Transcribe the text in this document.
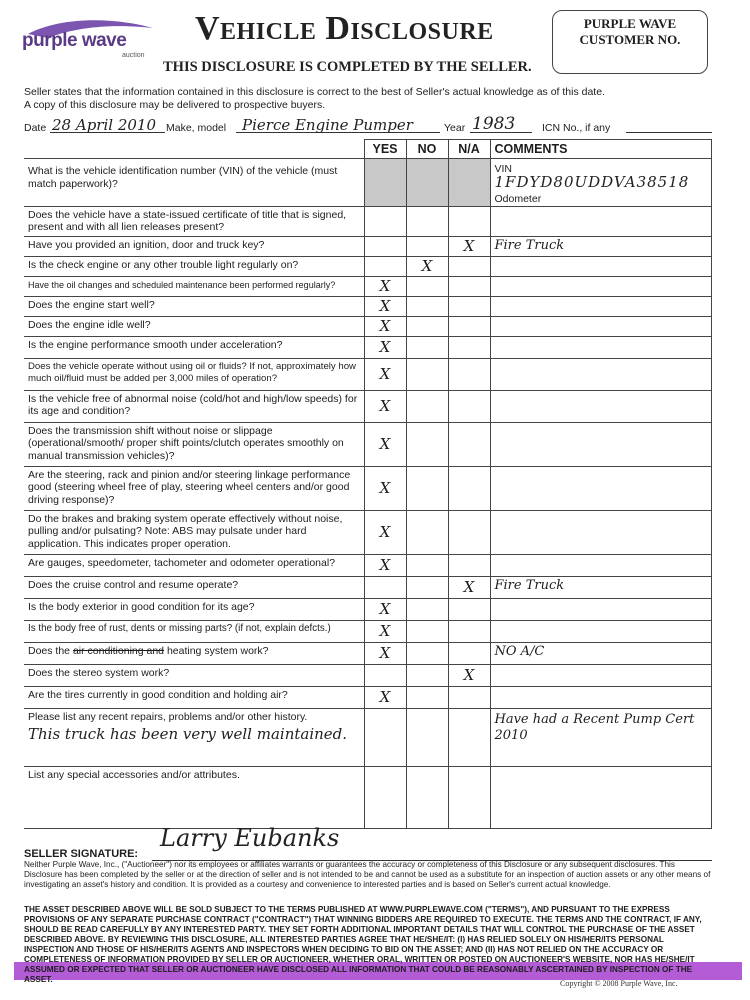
purple wave
auction
Vehicle Disclosure
THIS DISCLOSURE IS COMPLETED BY THE SELLER.
PURPLE WAVE
CUSTOMER NO.
Seller states that the information contained in this disclosure is correct to the best of Seller's actual knowledge as of this date.
A copy of this disclosure may be delivered to prospective buyers.
Date 28 April 2010 Make, model Pierce Engine Pumper	Year 1983	ICN No., if any
	YES	NO	N/A	COMMENTS
What is the vehicle identification number (VIN) of the vehicle (must match paperwork)?				VIN 1FDYD80UDDVA38518
Odometer

Does the vehicle have a state-issued certificate of title that is signed, present and with all lien releases present?				
Have you provided an ignition, door and truck key?			X	Fire Truck
Is the check engine or any other trouble light regularly on?		X		
Have the oil changes and scheduled maintenance been performed regularly?	X			
Does the engine start well?	X			
Does the engine idle well?	X			
Is the engine performance smooth under acceleration?	X			
Does the vehicle operate without using oil or fluids? If not, approximately how much oil/fluid must be added per 3,000 miles of operation?	X			
Is the vehicle free of abnormal noise (cold/hot and high/low speeds) for its age and condition?	X			
Does the transmission shift without noise or slippage (operational/smooth/ proper shift points/clutch operates smoothly on manual transmission vehicles)?	X			
Are the steering, rack and pinion and/or steering linkage performance good (steering wheel free of play, steering wheel centers and/or good driving response)?	X			
Do the brakes and braking system operate effectively without noise, pulling and/or pulsating? Note: ABS may pulsate under hard application. This indicates proper operation.	X			
Are gauges, speedometer, tachometer and odometer operational?	X			
Does the cruise control and resume operate?			X	Fire Truck
Is the body exterior in good condition for its age?	X			
Is the body free of rust, dents or missing parts? (if not, explain defcts.)	X			
Does the air conditioning and heating system work?	X			NO A/C
Does the stereo system work?			X	
Are the tires currently in good condition and holding air?	X			

Please list any recent repairs, problems and/or other history.
This truck has been very well maintained.				Have had a Recent Pump Cert 2010
List any special accessories and/or attributes.				
SELLER SIGNATURE:
Larry Eubanks
Neither Purple Wave, Inc., ("Auctioneer") nor its employees or affiliates warrants or guarantees the accuracy or completeness of this Disclosure or any subsequent disclosures. This Disclosure has been completed by the seller or at the direction of seller and is not intended to be and cannot be used as a substitute for an inspection of auction assets or any other means of investigating an asset's history and condition. It is provided as a courtesy and convenience to interested parties and is based on Seller's current actual knowledge.
THE ASSET DESCRIBED ABOVE WILL BE SOLD SUBJECT TO THE TERMS PUBLISHED AT WWW.PURPLEWAVE.COM ("TERMS"), AND PURSUANT TO THE EXPRESS PROVISIONS OF ANY SEPARATE PURCHASE CONTRACT ("CONTRACT") THAT WINNING BIDDERS ARE REQUIRED TO EXECUTE. THE TERMS AND THE CONTRACT, IF ANY, SHOULD BE READ CAREFULLY BY ANY INTERESTED PARTY. THEY SET FORTH ADDITIONAL IMPORTANT DETAILS THAT WILL CONTROL THE PURCHASE OF THE ASSET DESCRIBED ABOVE. BY REVIEWING THIS DISCLOSURE, ALL INTERESTED PARTIES AGREE THAT HE/SHE/IT: (I) HAS RELIED SOLELY ON HIS/HER/ITS PERSONAL INSPECTION AND THOSE OF HIS/HER/ITS AGENTS AND INSPECTORS WHEN DECIDING TO BID ON THE ASSET; AND (II) HAS NOT RELIED ON THE ACCURACY OR COMPLETENESS OF INFORMATION PROVIDED BY SELLER OR AUCTIONEER, WHETHER ORAL, WRITTEN OR POSTED ON AUCTIONEER'S WEBSITE, NOR HAS HE/SHE/IT ASSUMED OR EXPECTED THAT SELLER OR AUCTIONEER HAVE DISCLOSED ALL INFORMATION THAT COULD BE REASONABLY ASCERTAINED BY INSPECTION OF THE ASSET.	Copyright © 2008 Purple Wave, Inc.
